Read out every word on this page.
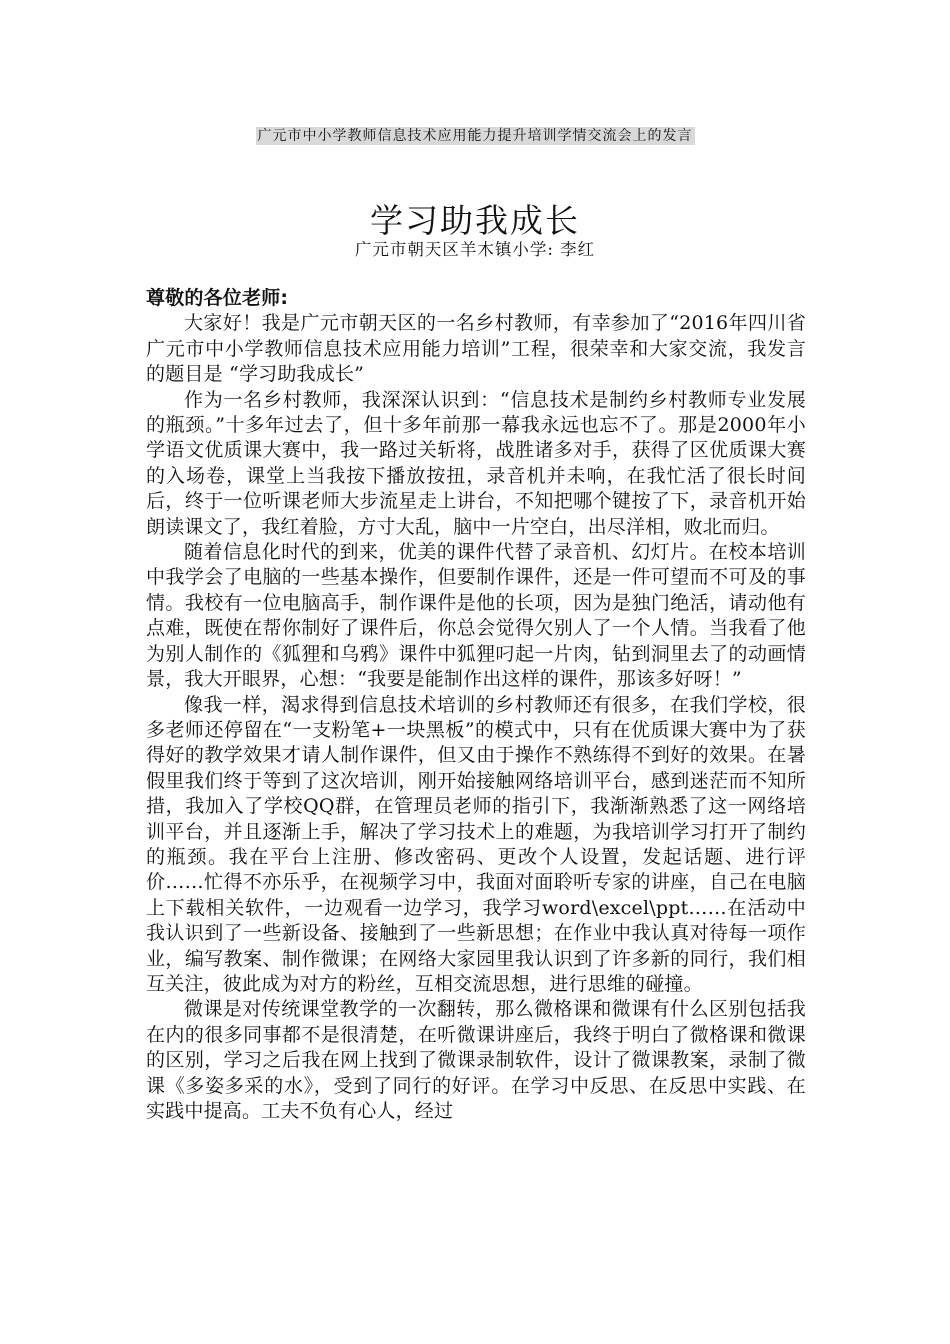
广元市中小学教师信息技术应用能力提升培训学情交流会上的发言
学习助我成长
广元市朝天区羊木镇小学: 李红
尊敬的各位老师:

大家好！我是广元市朝天区的一名乡村教师，有幸参加了“2016年四川省广元市中小学教师信息技术应用能力培训”工程，很荣幸和大家交流，我发言的题目是 “学习助我成长”

作为一名乡村教师，我深深认识到：“信息技术是制约乡村教师专业发展的瓶颈。”十多年过去了，但十多年前那一幕我永远也忘不了。那是2000年小学语文优质课大赛中，我一路过关斩将，战胜诸多对手，获得了区优质课大赛的入场卷，课堂上当我按下播放按扭，录音机并未响，在我忙活了很长时间后，终于一位听课老师大步流星走上讲台，不知把哪个键按了下，录音机开始朗读课文了，我红着脸，方寸大乱，脑中一片空白，出尽洋相，败北而归。

随着信息化时代的到来，优美的课件代替了录音机、幻灯片。在校本培训中我学会了电脑的一些基本操作，但要制作课件，还是一件可望而不可及的事情。我校有一位电脑高手，制作课件是他的长项，因为是独门绝活，请动他有点难，既使在帮你制好了课件后，你总会觉得欠别人了一个人情。当我看了他为别人制作的《狐狸和乌鸦》课件中狐狸叼起一片肉，钻到洞里去了的动画情景，我大开眼界，心想：“我要是能制作出这样的课件，那该多好呀！”

像我一样，渴求得到信息技术培训的乡村教师还有很多，在我们学校，很多老师还停留在“一支粉笔+一块黑板”的模式中，只有在优质课大赛中为了获得好的教学效果才请人制作课件，但又由于操作不熟练得不到好的效果。在暑假里我们终于等到了这次培训，刚开始接触网络培训平台，感到迷茫而不知所措，我加入了学校QQ群，在管理员老师的指引下，我渐渐熟悉了这一网络培训平台，并且逐渐上手，解决了学习技术上的难题，为我培训学习打开了制约的瓶颈。我在平台上注册、修改密码、更改个人设置，发起话题、进行评价……忙得不亦乐乎，在视频学习中，我面对面聆听专家的讲座，自己在电脑上下载相关软件，一边观看一边学习，我学习word\excel\ppt……在活动中我认识到了一些新设备、接触到了一些新思想；在作业中我认真对待每一项作业，编写教案、制作微课；在网络大家园里我认识到了许多新的同行，我们相互关注，彼此成为对方的粉丝，互相交流思想，进行思维的碰撞。

微课是对传统课堂教学的一次翻转，那么微格课和微课有什么区别包括我在内的很多同事都不是很清楚，在听微课讲座后，我终于明白了微格课和微课的区别，学习之后我在网上找到了微课录制软件，设计了微课教案，录制了微课《多姿多采的水》，受到了同行的好评。在学习中反思、在反思中实践、在实践中提高。工夫不负有心人，经过
